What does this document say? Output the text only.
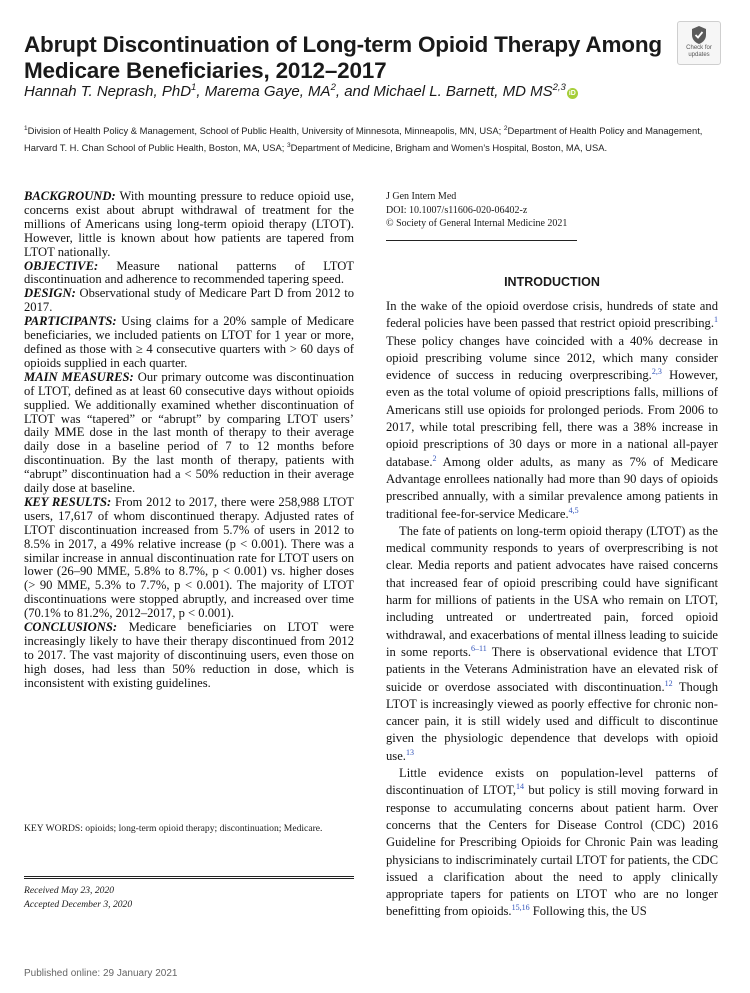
Abrupt Discontinuation of Long-term Opioid Therapy Among Medicare Beneficiaries, 2012–2017
Check for updates
Hannah T. Neprash, PhD$^1$, Marema Gaye, $MA^2$, and Michael L. Barnett, MD MS$^{2,3}$iD
$^1$Division of Health Policy & Management, School of Public Health, University of Minnesota, Minneapolis, MN, USA; $^2$Department of Health Policy and Management, Harvard T. H. Chan School of Public Health, Boston, MA, USA; $^3$Department of Medicine, Brigham and Women’s Hospital, Boston, MA, USA.

BACKGROUND: With mounting pressure to reduce opioid use, concerns exist about abrupt withdrawal of treatment for the millions of Americans using long-term opioid therapy (LTOT). However, little is known about how patients are tapered from LTOT nationally.

OBJECTIVE: Measure national patterns of LTOT discontinuation and adherence to recommended tapering speed.

DESIGN: Observational study of Medicare Part D from 2012 to 2017.

PARTICIPANTS: Using claims for a 20% sample of Medicare beneficiaries, we included patients on LTOT for 1 year or more, defined as those with ≥ 4 consecutive quarters with > 60 days of opioids supplied in each quarter.

MAIN MEASURES: Our primary outcome was discontinuation of LTOT, defined as at least 60 consecutive days without opioids supplied. We additionally examined whether discontinuation of LTOT was “tapered” or “abrupt” by comparing LTOT users’ daily MME dose in the last month of therapy to their average daily dose in a baseline period of 7 to 12 months before discontinuation. By the last month of therapy, patients with “abrupt” discontinuation had a < 50% reduction in their average daily dose at baseline.

KEY RESULTS: From 2012 to 2017, there were 258,988 LTOT users, 17,617 of whom discontinued therapy. Adjusted rates of LTOT discontinuation increased from 5.7% of users in 2012 to 8.5% in 2017, a 49% relative increase (p < 0.001). There was a similar increase in annual discontinuation rate for LTOT users on lower (26–90 MME, 5.8% to 8.7%, p < 0.001) vs. higher doses (> 90 MME, 5.3% to 7.7%, p < 0.001). The majority of LTOT discontinuations were stopped abruptly, and increased over time (70.1% to 81.2%, 2012–2017, p < 0.001).

CONCLUSIONS: Medicare beneficiaries on LTOT were increasingly likely to have their therapy discontinued from 2012 to 2017. The vast majority of discontinuing users, even those on high doses, had less than 50% reduction in dose, which is inconsistent with existing guidelines.

KEY WORDS: opioids; long-term opioid therapy; discontinuation; Medicare.
Received May 23, 2020
Accepted December 3, 2020
Published online: 29 January 2021
J Gen Intern Med
DOI: 10.1007/s11606-020-06402-z
© Society of General Internal Medicine 2021
INTRODUCTION

In the wake of the opioid overdose crisis, hundreds of state and federal policies have been passed that restrict opioid prescribing.$^1$ These policy changes have coincided with a 40% decrease in opioid prescribing volume since 2012, which many consider evidence of success in reducing overprescribing.$^{2,3}$ However, even as the total volume of opioid prescriptions falls, millions of Americans still use opioids for prolonged periods. From 2006 to 2017, while total prescribing fell, there was a 38% increase in opioid prescriptions of 30 days or more in a national all-payer database.$^2$ Among older adults, as many as 7% of Medicare Advantage enrollees nationally had more than 90 days of opioids prescribed annually, with a similar prevalence among patients in traditional fee-for-service Medicare.$^{4,5}$

The fate of patients on long-term opioid therapy (LTOT) as the medical community responds to years of overprescribing is not clear. Media reports and patient advocates have raised concerns that increased fear of opioid prescribing could have significant harm for millions of patients in the USA who remain on LTOT, including untreated or undertreated pain, forced opioid withdrawal, and exacerbations of mental illness leading to suicide in some reports.$^{6-11}$ There is observational evidence that LTOT patients in the Veterans Administration have an elevated risk of suicide or overdose associated with discontinuation.$^{12}$ Though LTOT is increasingly viewed as poorly effective for chronic non-cancer pain, it is still widely used and difficult to discontinue given the physiologic dependence that develops with opioid use.$^{13}$

Little evidence exists on population-level patterns of discontinuation of LTOT,$^{14}$ but policy is still moving forward in response to accumulating concerns about patient harm. Over concerns that the Centers for Disease Control (CDC) 2016 Guideline for Prescribing Opioids for Chronic Pain was leading physicians to indiscriminately curtail LTOT for patients, the CDC issued a clarification about the need to apply clinically appropriate tapers for patients on LTOT who are no longer benefitting from opioids.$^{15,16}$ Following this, the US
